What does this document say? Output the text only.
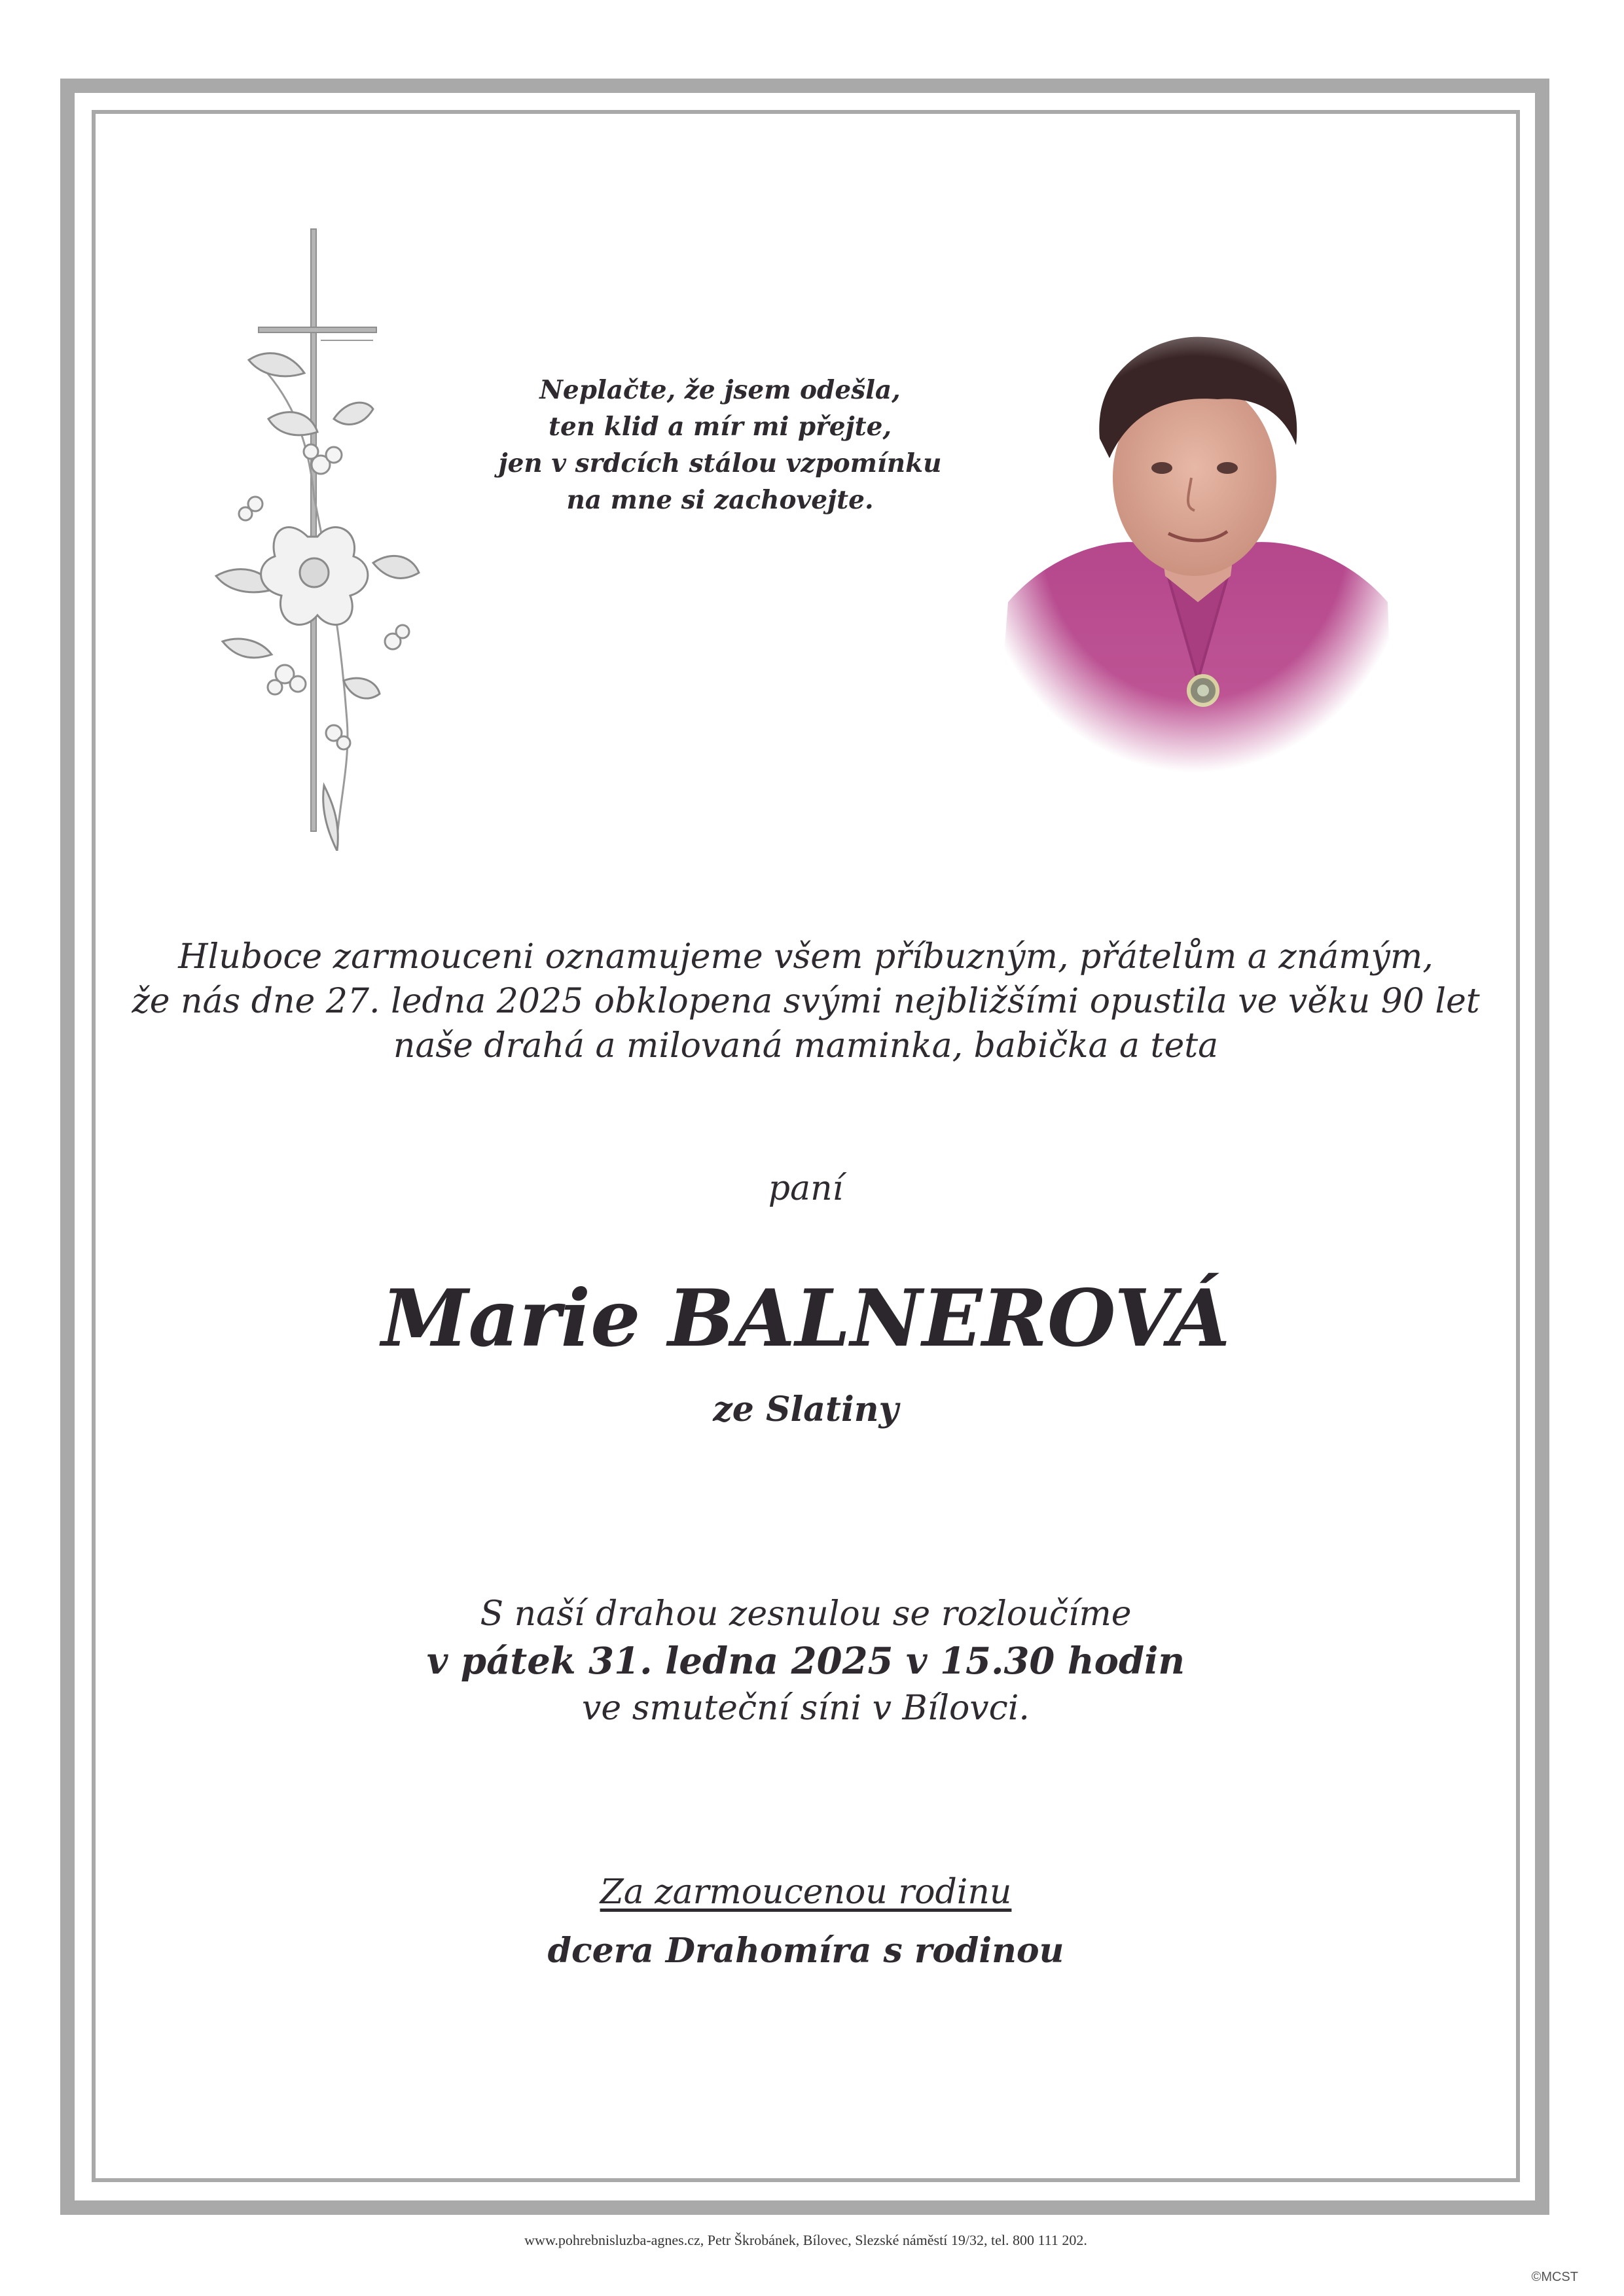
Neplačte, že jsem odešla,
ten klid a mír mi přejte,
jen v srdcích stálou vzpomínku
na mne si zachovejte.
Hluboce zarmouceni oznamujeme všem příbuzným, přátelům a známým,
že nás dne 27. ledna 2025 obklopena svými nejbližšími opustila ve věku 90 let
naše drahá a milovaná maminka, babička a teta
paní
Marie BALNEROVÁ
ze Slatiny
S naší drahou zesnulou se rozloučíme
v pátek 31. ledna 2025 v 15.30 hodin
ve smuteční síni v Bílovci.
Za zarmoucenou rodinu
dcera Drahomíra s rodinou
www.pohrebnisluzba-agnes.cz, Petr Škrobánek, Bílovec, Slezské náměstí 19/32, tel. 800 111 202.
©MCST
